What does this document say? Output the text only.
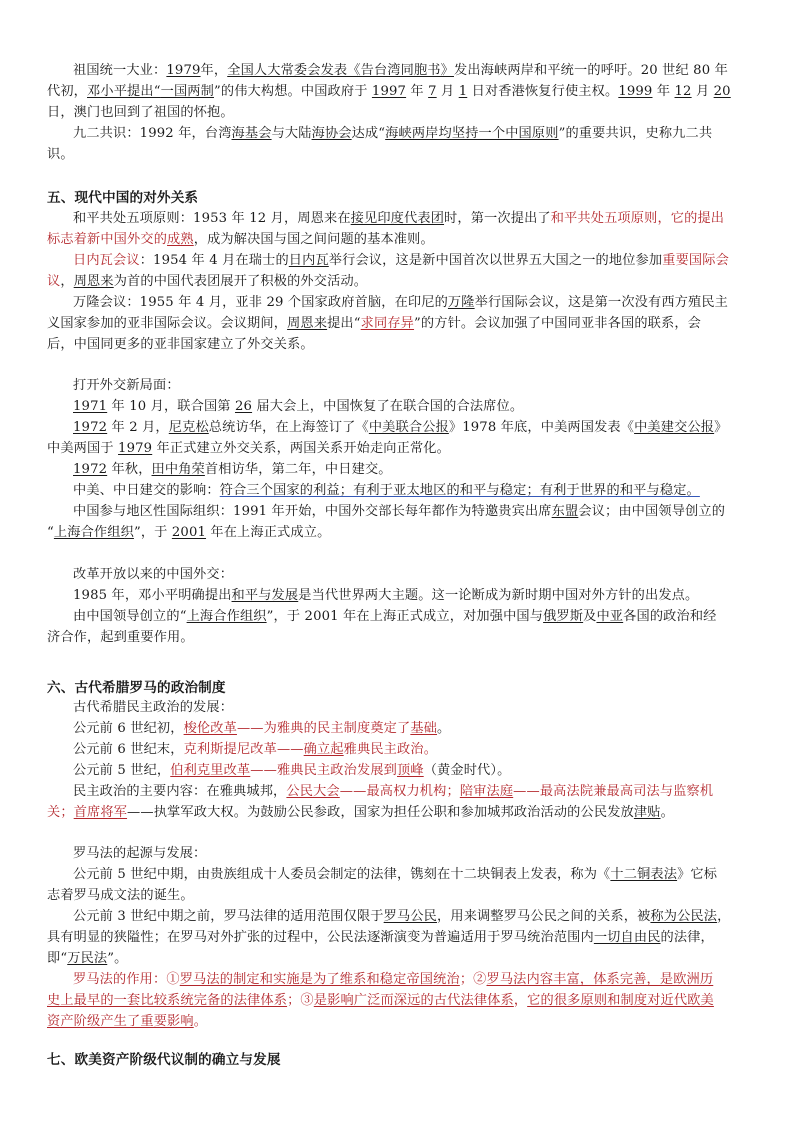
祖国统一大业：1979年，全国人大常委会发表《告台湾同胞书》发出海峡两岸和平统一的呼吁。20 世纪 80 年
代初，邓小平提出“一国两制”的伟大构想。中国政府于 1997 年 7 月 1 日对香港恢复行使主权。1999 年 12 月 20
日，澳门也回到了祖国的怀抱。
九二共识：1992 年，台湾海基会与大陆海协会达成“海峡两岸均坚持一个中国原则”的重要共识，史称九二共
识。
五、现代中国的对外关系
和平共处五项原则：1953 年 12 月，周恩来在接见印度代表团时，第一次提出了和平共处五项原则，它的提出
标志着新中国外交的成熟，成为解决国与国之间问题的基本准则。
日内瓦会议：1954 年 4 月在瑞士的日内瓦举行会议，这是新中国首次以世界五大国之一的地位参加重要国际会
议，周恩来为首的中国代表团展开了积极的外交活动。
万隆会议：1955 年 4 月，亚非 29 个国家政府首脑，在印尼的万隆举行国际会议，这是第一次没有西方殖民主
义国家参加的亚非国际会议。会议期间，周恩来提出“求同存异”的方针。会议加强了中国同亚非各国的联系，会
后，中国同更多的亚非国家建立了外交关系。
打开外交新局面：
1971 年 10 月，联合国第 26 届大会上，中国恢复了在联合国的合法席位。
1972 年 2 月，尼克松总统访华，在上海签订了《中美联合公报》1978 年底，中美两国发表《中美建交公报》
中美两国于 1979 年正式建立外交关系，两国关系开始走向正常化。
1972 年秋，田中角荣首相访华，第二年，中日建交。
中美、中日建交的影响：符合三个国家的利益；有利于亚太地区的和平与稳定；有利于世界的和平与稳定。
中国参与地区性国际组织：1991 年开始，中国外交部长每年都作为特邀贵宾出席东盟会议；由中国领导创立的
“上海合作组织”，于 2001 年在上海正式成立。
改革开放以来的中国外交：
1985 年，邓小平明确提出和平与发展是当代世界两大主题。这一论断成为新时期中国对外方针的出发点。
由中国领导创立的“上海合作组织”，于 2001 年在上海正式成立，对加强中国与俄罗斯及中亚各国的政治和经
济合作，起到重要作用。
六、古代希腊罗马的政治制度
古代希腊民主政治的发展：
公元前 6 世纪初，梭伦改革——为雅典的民主制度奠定了基础。
公元前 6 世纪末，克利斯提尼改革——确立起雅典民主政治。
公元前 5 世纪，伯利克里改革——雅典民主政治发展到顶峰（黄金时代）。
民主政治的主要内容：在雅典城邦，公民大会——最高权力机构；陪审法庭——最高法院兼最高司法与监察机
关；首席将军——执掌军政大权。为鼓励公民参政，国家为担任公职和参加城邦政治活动的公民发放津贴。
罗马法的起源与发展：
公元前 5 世纪中期，由贵族组成十人委员会制定的法律，镌刻在十二块铜表上发表，称为《十二铜表法》它标
志着罗马成文法的诞生。
公元前 3 世纪中期之前，罗马法律的适用范围仅限于罗马公民，用来调整罗马公民之间的关系，被称为公民法，
具有明显的狭隘性；在罗马对外扩张的过程中，公民法逐渐演变为普遍适用于罗马统治范围内一切自由民的法律，
即“万民法”。
罗马法的作用：①罗马法的制定和实施是为了维系和稳定帝国统治；②罗马法内容丰富，体系完善，是欧洲历
史上最早的一套比较系统完备的法律体系；③是影响广泛而深远的古代法律体系，它的很多原则和制度对近代欧美
资产阶级产生了重要影响。
七、欧美资产阶级代议制的确立与发展
